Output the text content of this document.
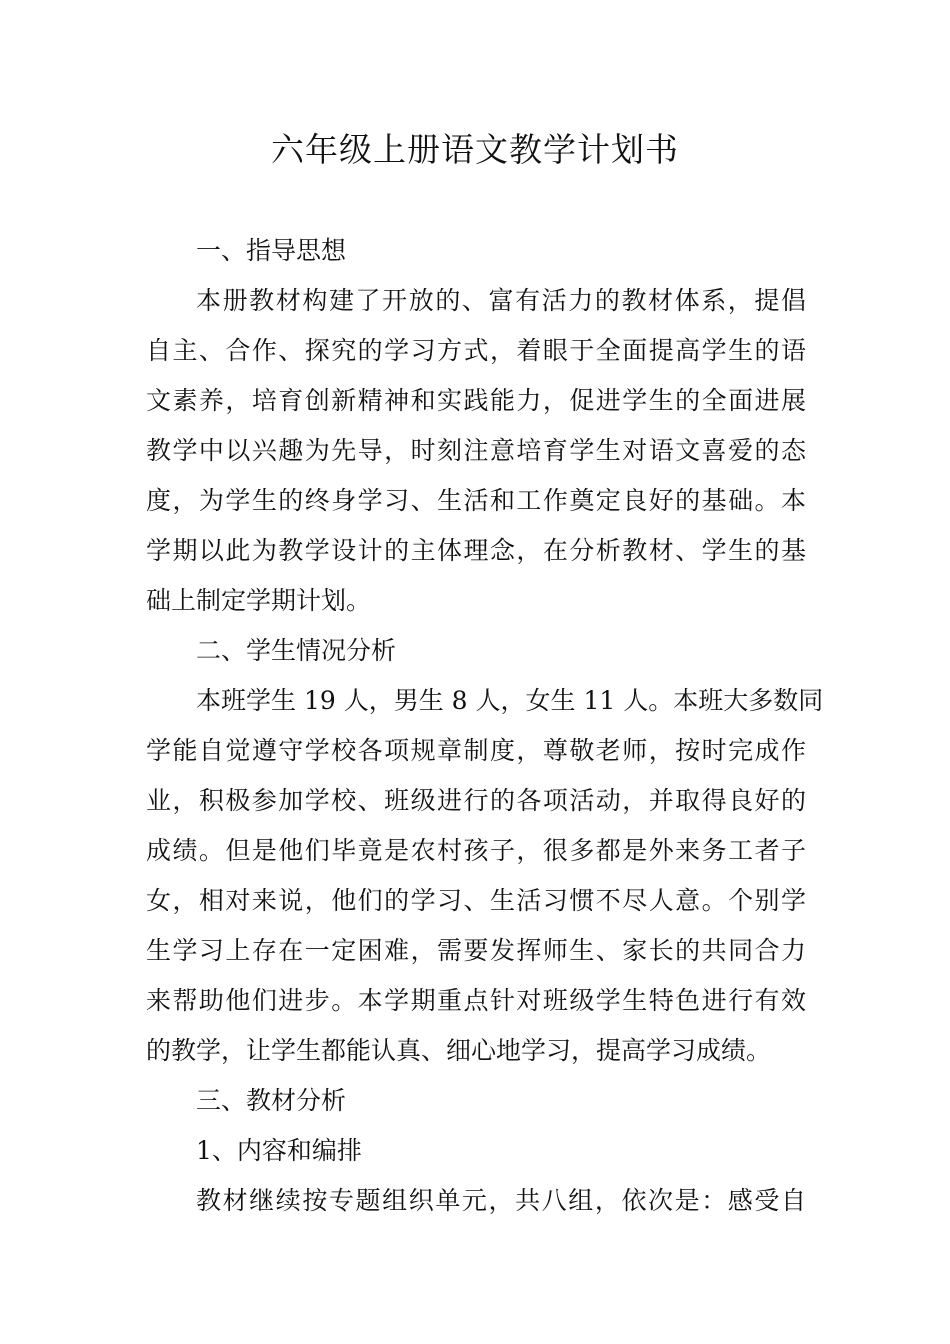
六年级上册语文教学计划书
一、指导思想
本册教材构建了开放的、富有活力的教材体系，提倡
自主、合作、探究的学习方式，着眼于全面提高学生的语
文素养，培育创新精神和实践能力，促进学生的全面进展
教学中以兴趣为先导，时刻注意培育学生对语文喜爱的态
度，为学生的终身学习、生活和工作奠定良好的基础。本
学期以此为教学设计的主体理念，在分析教材、学生的基
础上制定学期计划。
二、学生情况分析
本班学生 19 人，男生 8 人，女生 11 人。本班大多数同
学能自觉遵守学校各项规章制度，尊敬老师，按时完成作
业，积极参加学校、班级进行的各项活动，并取得良好的
成绩。但是他们毕竟是农村孩子，很多都是外来务工者子
女，相对来说，他们的学习、生活习惯不尽人意。个别学
生学习上存在一定困难，需要发挥师生、家长的共同合力
来帮助他们进步。本学期重点针对班级学生特色进行有效
的教学，让学生都能认真、细心地学习，提高学习成绩。
三、教材分析
1、内容和编排
教材继续按专题组织单元，共八组，依次是：感受自
